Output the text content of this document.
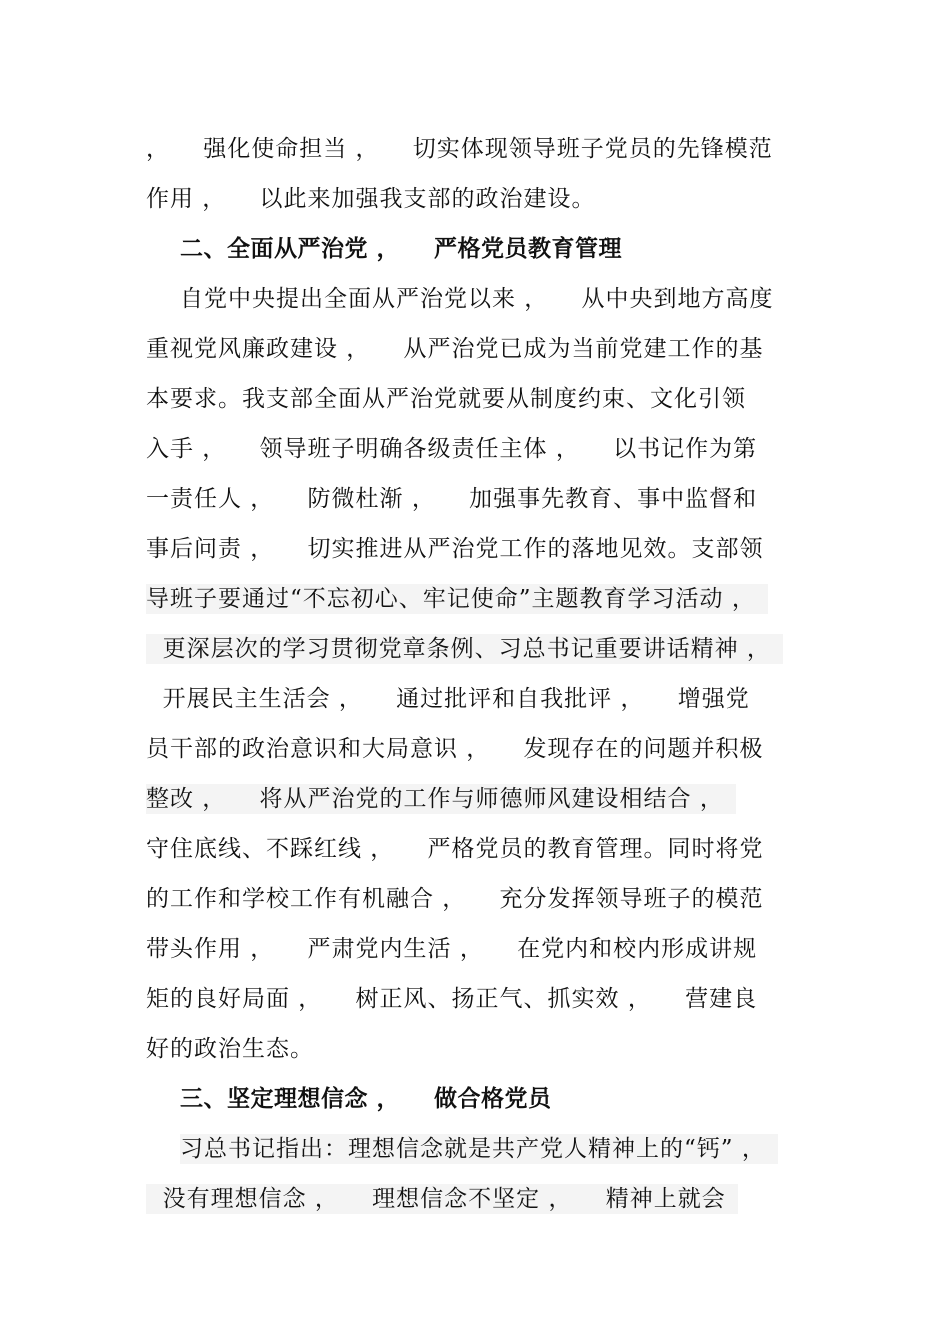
，    强化使命担当 ，    切实体现领导班子党员的先锋模范
作用 ，    以此来加强我支部的政治建设。
二、全面从严治党 ，    严格党员教育管理
自党中央提出全面从严治党以来 ，    从中央到地方高度
重视党风廉政建设 ，    从严治党已成为当前党建工作的基
本要求。我支部全面从严治党就要从制度约束、文化引领
入手 ，    领导班子明确各级责任主体 ，    以书记作为第
一责任人 ，    防微杜渐 ，    加强事先教育、事中监督和
事后问责 ，    切实推进从严治党工作的落地见效。支部领
导班子要通过“不忘初心、牢记使命”主题教育学习活动 ，
更深层次的学习贯彻党章条例、习总书记重要讲话精神 ，
开展民主生活会 ，    通过批评和自我批评 ，    增强党
员干部的政治意识和大局意识 ，    发现存在的问题并积极
整改 ，    将从严治党的工作与师德师风建设相结合 ，
守住底线、不踩红线 ，    严格党员的教育管理。同时将党
的工作和学校工作有机融合 ，    充分发挥领导班子的模范
带头作用 ，    严肃党内生活 ，    在党内和校内形成讲规
矩的良好局面 ，    树正风、扬正气、抓实效 ，    营建良
好的政治生态。
三、坚定理想信念 ，    做合格党员
习总书记指出：理想信念就是共产党人精神上的“钙” ，
没有理想信念 ，    理想信念不坚定 ，    精神上就会
